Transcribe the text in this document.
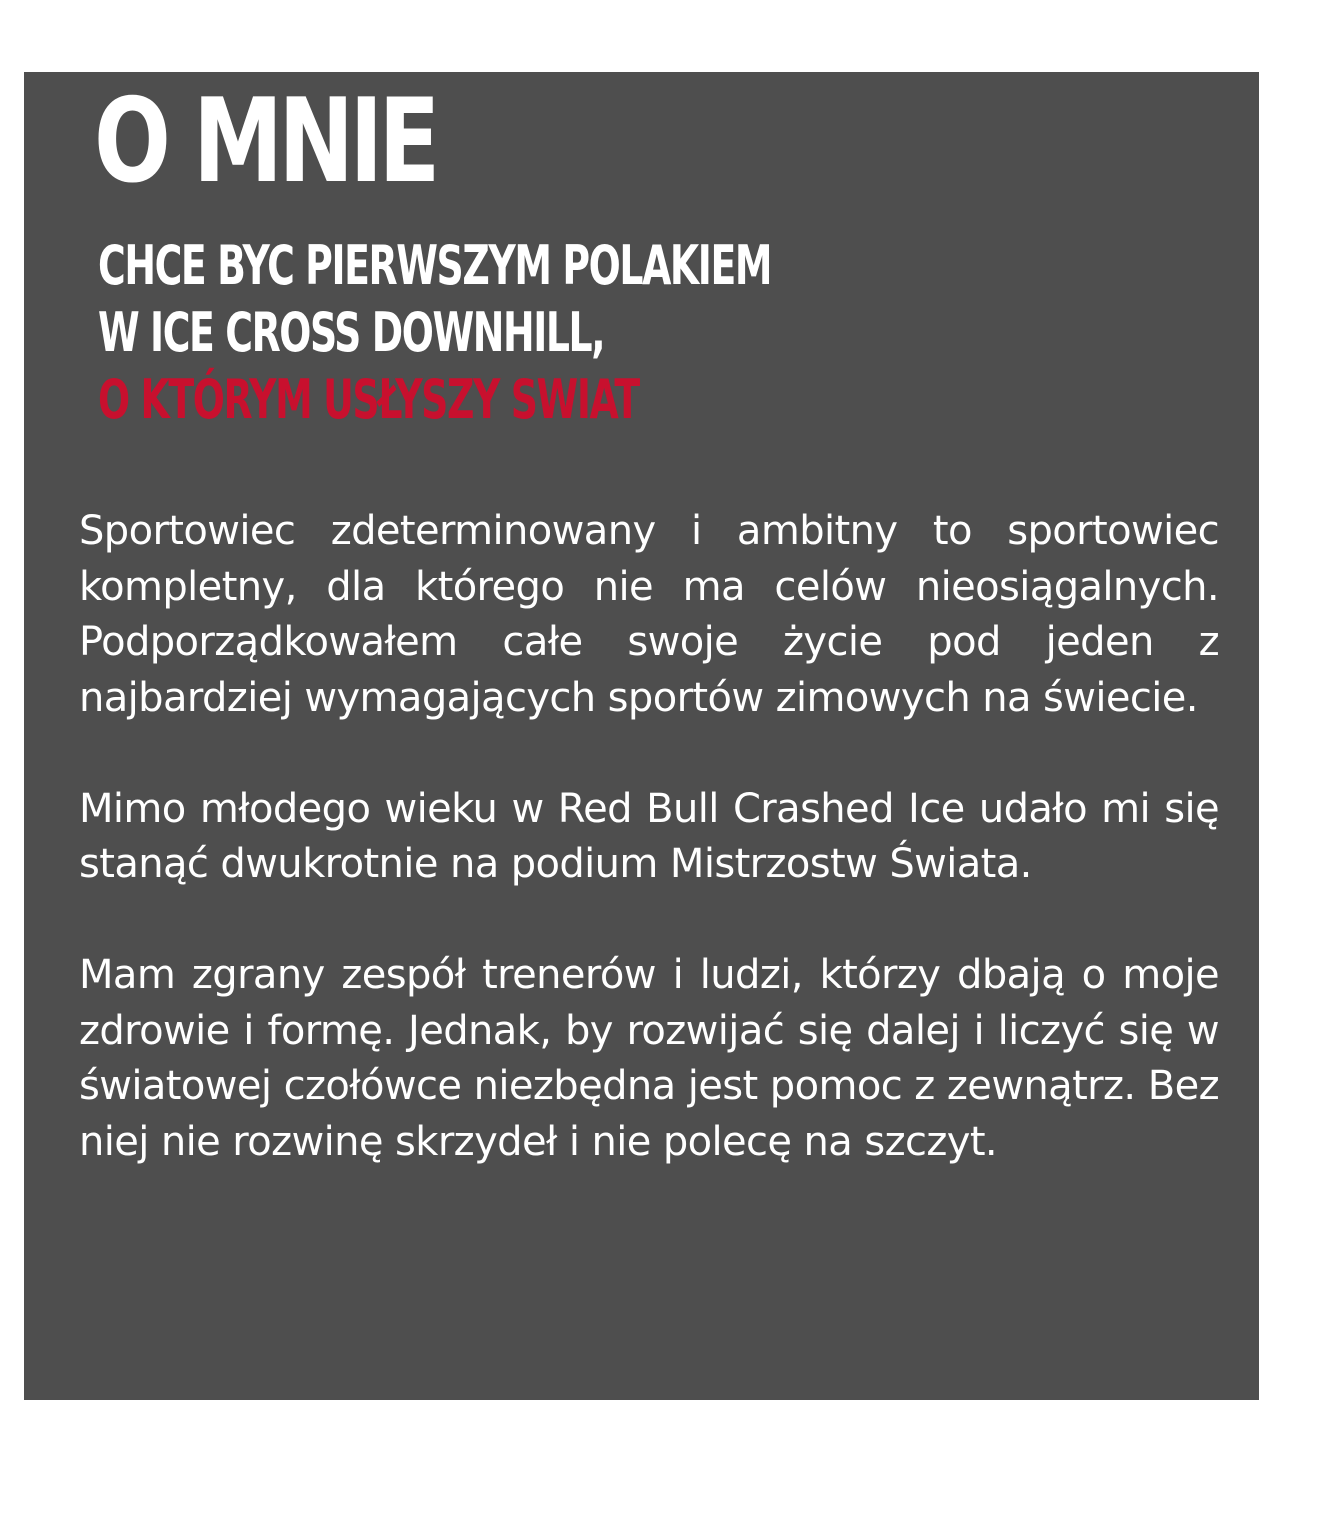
O MNIE
CHCE BYC PIERWSZYM POLAKIEM
W ICE CROSS DOWNHILL,
O KTÓRYM USŁYSZY SWIAT

Sportowiec zdeterminowany i ambitny to sportowiec kompletny, dla którego nie ma celów nieosiągalnych. Podporządkowałem całe swoje życie pod jeden z najbardziej wymagających sportów zimowych na świecie.

Mimo młodego wieku w Red Bull Crashed Ice udało mi się stanąć dwukrotnie na podium Mistrzostw Świata.

Mam zgrany zespół trenerów i ludzi, którzy dbają o moje zdrowie i formę. Jednak, by rozwijać się dalej i liczyć się w światowej czołówce niezbędna jest pomoc z zewnątrz. Bez niej nie rozwinę skrzydeł i nie polecę na szczyt.
